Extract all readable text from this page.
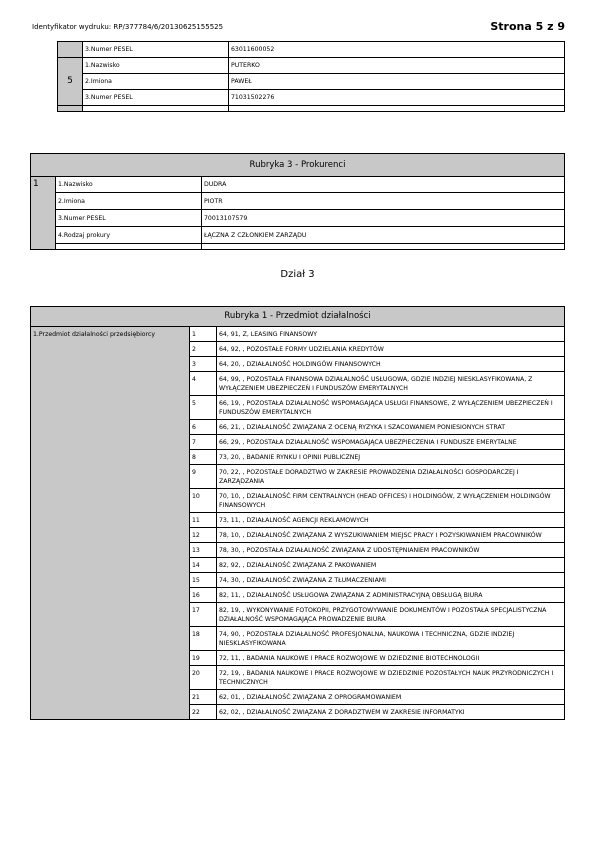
Identyfikator wydruku: RP/377784/6/20130625155525	Strona 5 z 9
	3.Numer PESEL	63011600052
5	1.Nazwisko	PUTERKO
	2.Imiona	PAWEŁ
	3.Numer PESEL	71031502276

Rubryka 3 - Prokurenci		
1	1.Nazwisko	DUDRA
	2.Imiona	PIOTR
	3.Numer PESEL	70013107579
	4.Rodzaj prokury	ŁĄCZNA Z CZŁONKIEM ZARZĄDU

Dział 3
Rubryka 1 - Przedmiot działalności		
1.Przedmiot działalności przedsiębiorcy	1	64, 91, Z, LEASING FINANSOWY
	2	64, 92, , POZOSTAŁE FORMY UDZIELANIA KREDYTÓW
	3	64, 20, , DZIAŁALNOŚĆ HOLDINGÓW FINANSOWYCH
	4	64, 99, , POZOSTAŁA FINANSOWA DZIAŁALNOŚĆ USŁUGOWA, GDZIE INDZIEJ NIESKLASYFIKOWANA, Z WYŁĄCZENIEM UBEZPIECZEŃ I FUNDUSZÓW EMERYTALNYCH
	5	66, 19, , POZOSTAŁA DZIAŁALNOŚĆ WSPOMAGAJĄCA USŁUGI FINANSOWE, Z WYŁĄCZENIEM UBEZPIECZEŃ I FUNDUSZÓW EMERYTALNYCH
	6	66, 21, , DZIAŁALNOŚĆ ZWIĄZANA Z OCENĄ RYZYKA I SZACOWANIEM PONIESIONYCH STRAT
	7	66, 29, , POZOSTAŁA DZIAŁALNOŚĆ WSPOMAGAJĄCA UBEZPIECZENIA I FUNDUSZE EMERYTALNE
	8	73, 20, , BADANIE RYNKU I OPINII PUBLICZNEJ
	9	70, 22, , POZOSTAŁE DORADZTWO W ZAKRESIE PROWADZENIA DZIAŁALNOŚCI GOSPODARCZEJ I ZARZĄDZANIA
	10	70, 10, , DZIAŁALNOŚĆ FIRM CENTRALNYCH (HEAD OFFICES) I HOLDINGÓW, Z WYŁĄCZENIEM HOLDINGÓW FINANSOWYCH
	11	73, 11, , DZIAŁALNOŚĆ AGENCJI REKLAMOWYCH
	12	78, 10, , DZIAŁALNOŚĆ ZWIĄZANA Z WYSZUKIWANIEM MIEJSC PRACY I POZYSKIWANIEM PRACOWNIKÓW
	13	78, 30, , POZOSTAŁA DZIAŁALNOŚĆ ZWIĄZANA Z UDOSTĘPNIANIEM PRACOWNIKÓW
	14	82, 92, , DZIAŁALNOŚĆ ZWIĄZANA Z PAKOWANIEM
	15	74, 30, , DZIAŁALNOŚĆ ZWIĄZANA Z TŁUMACZENIAMI
	16	82, 11, , DZIAŁALNOŚĆ USŁUGOWA ZWIĄZANA Z ADMINISTRACYJNĄ OBSŁUGĄ BIURA
	17	82, 19, , WYKONYWANIE FOTOKOPII, PRZYGOTOWYWANIE DOKUMENTÓW I POZOSTAŁA SPECJALISTYCZNA DZIAŁALNOŚĆ WSPOMAGAJĄCA PROWADZENIE BIURA
	18	74, 90, , POZOSTAŁA DZIAŁALNOŚĆ PROFESJONALNA, NAUKOWA I TECHNICZNA, GDZIE INDZIEJ NIESKLASYFIKOWANA
	19	72, 11, , BADANIA NAUKOWE I PRACE ROZWOJOWE W DZIEDZINIE BIOTECHNOLOGII
	20	72, 19, , BADANIA NAUKOWE I PRACE ROZWOJOWE W DZIEDZINIE POZOSTAŁYCH NAUK PRZYRODNICZYCH I TECHNICZNYCH
	21	62, 01, , DZIAŁALNOŚĆ ZWIĄZANA Z OPROGRAMOWANIEM
	22	62, 02, , DZIAŁALNOŚĆ ZWIĄZANA Z DORADZTWEM W ZAKRESIE INFORMATYKI
